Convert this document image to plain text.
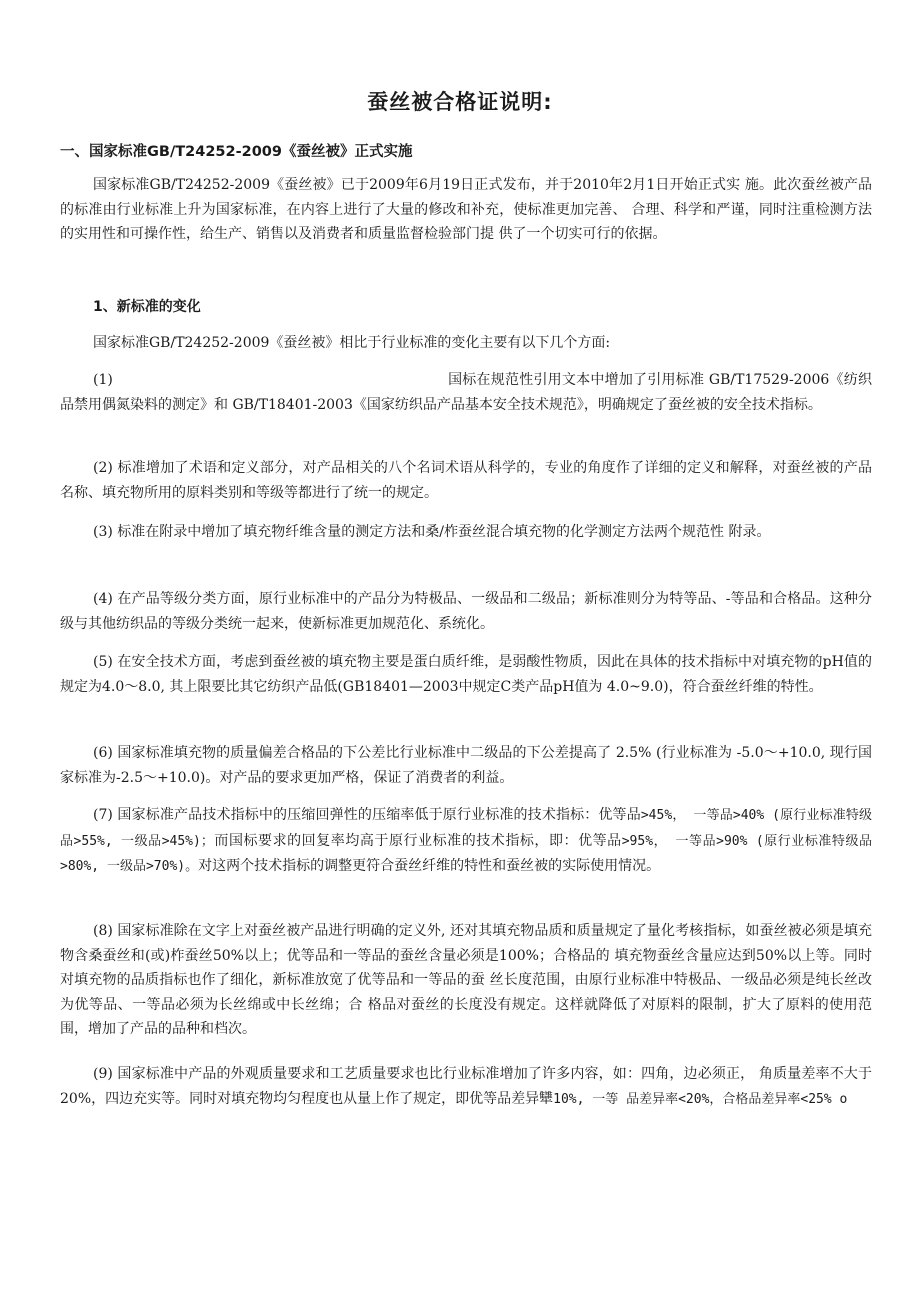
蚕丝被合格证说明:
一、国家标准GB/T24252-2009《蚕丝被》正式实施
国家标准GB/T24252-2009《蚕丝被》已于2009年6月19日正式发布，并于2010年2月1日开始正式实 施。此次蚕丝被产品的标准由行业标准上升为国家标准，在内容上进行了大量的修改和补充，使标准更加完善、 合理、科学和严谨，同时注重检测方法的实用性和可操作性，给生产、销售以及消费者和质量监督检验部门提 供了一个切实可行的依据。
1、新标准的变化
国家标准GB/T24252-2009《蚕丝被》相比于行业标准的变化主要有以下几个方面:
(1)	国标在规范性引用文本中增加了引用标准 GB/T17529-2006《纺织品禁用偶氮染料的测定》和 GB/T18401-2003《国家纺织品产品基本安全技术规范》，明确规定了蚕丝被的安全技术指标。
(2) 标准增加了术语和定义部分，对产品相关的八个名词术语从科学的，专业的角度作了详细的定义和解释，对蚕丝被的产品名称、填充物所用的原料类别和等级等都进行了统一的规定。
(3) 标准在附录中增加了填充物纤维含量的测定方法和桑/柞蚕丝混合填充物的化学测定方法两个规范性 附录。
(4) 在产品等级分类方面，原行业标准中的产品分为特极品、一级品和二级品；新标准则分为特等品、-等品和合格品。这种分级与其他纺织品的等级分类统一起来，使新标准更加规范化、系统化。
(5) 在安全技术方面，考虑到蚕丝被的填充物主要是蛋白质纤维，是弱酸性物质，因此在具体的技术指标中对填充物的pH值的规定为4.0〜8.0, 其上限要比其它纺织产品低(GB18401—2003中规定C类产品pH值为 4.0~9.0)，符合蚕丝纤维的特性。
(6) 国家标准填充物的质量偏差合格品的下公差比行业标准中二级品的下公差提高了 2.5% (行业标准为 -5.0〜+10.0, 现行国家标准为-2.5〜+10.0)。对产品的要求更加严格，保证了消费者的利益。
(7) 国家标准产品技术指标中的压缩回弹性的压缩率低于原行业标准的技术指标：优等品>45%， 一等品>40% (原行业标准特级品>55%, 一级品>45%)；而国标要求的回复率均高于原行业标准的技术指标，即：优等品>95%， 一等品>90% (原行业标准特级品>80%, 一级品>70%)。对这两个技术指标的调整更符合蚕丝纤维的特性和蚕丝被的实际使用情况。
(8) 国家标准除在文字上对蚕丝被产品进行明确的定义外, 还对其填充物品质和质量规定了量化考核指标，如蚕丝被必须是填充物含桑蚕丝和(或)柞蚕丝50%以上；优等品和一等品的蚕丝含量必须是100%；合格品的 填充物蚕丝含量应达到50%以上等。同时对填充物的品质指标也作了细化，新标准放宽了优等品和一等品的蚕 丝长度范围，由原行业标准中特极品、一级品必须是纯长丝改为优等品、一等品必须为长丝绵或中长丝绵；合 格品对蚕丝的长度没有规定。这样就降低了对原料的限制，扩大了原料的使用范围，增加了产品的品种和档次。
(9) 国家标准中产品的外观质量要求和工艺质量要求也比行业标准增加了许多内容，如：四角，边必须正， 角质量差率不大于20%，四边充实等。同时对填充物均匀程度也从量上作了规定，即优等品差异犫10%, 一等 品差异率<20%，合格品差异率<25% o
